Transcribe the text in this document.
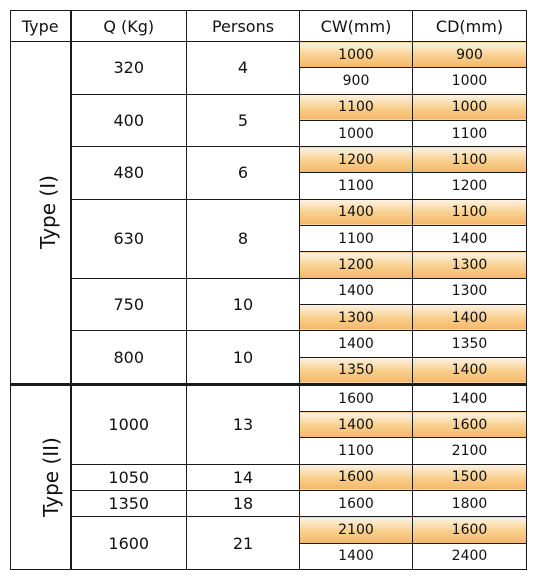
Type	Q (Kg)	Persons	CW(mm)	CD(mm)
Type (I)	320	4	1000	900
			900	1000
	400	5	1100	1000
			1000	1100
	480	6	1200	1100
			1100	1200
	630	8	1400	1100
			1100	1400
			1200	1300
	750	10	1400	1300
			1300	1400
	800	10	1400	1350
			1350	1400
Type (II)	1000	13	1600	1400
			1400	1600
			1100	2100
	1050	14	1600	1500
	1350	18	1600	1800
	1600	21	2100	1600
			1400	2400
